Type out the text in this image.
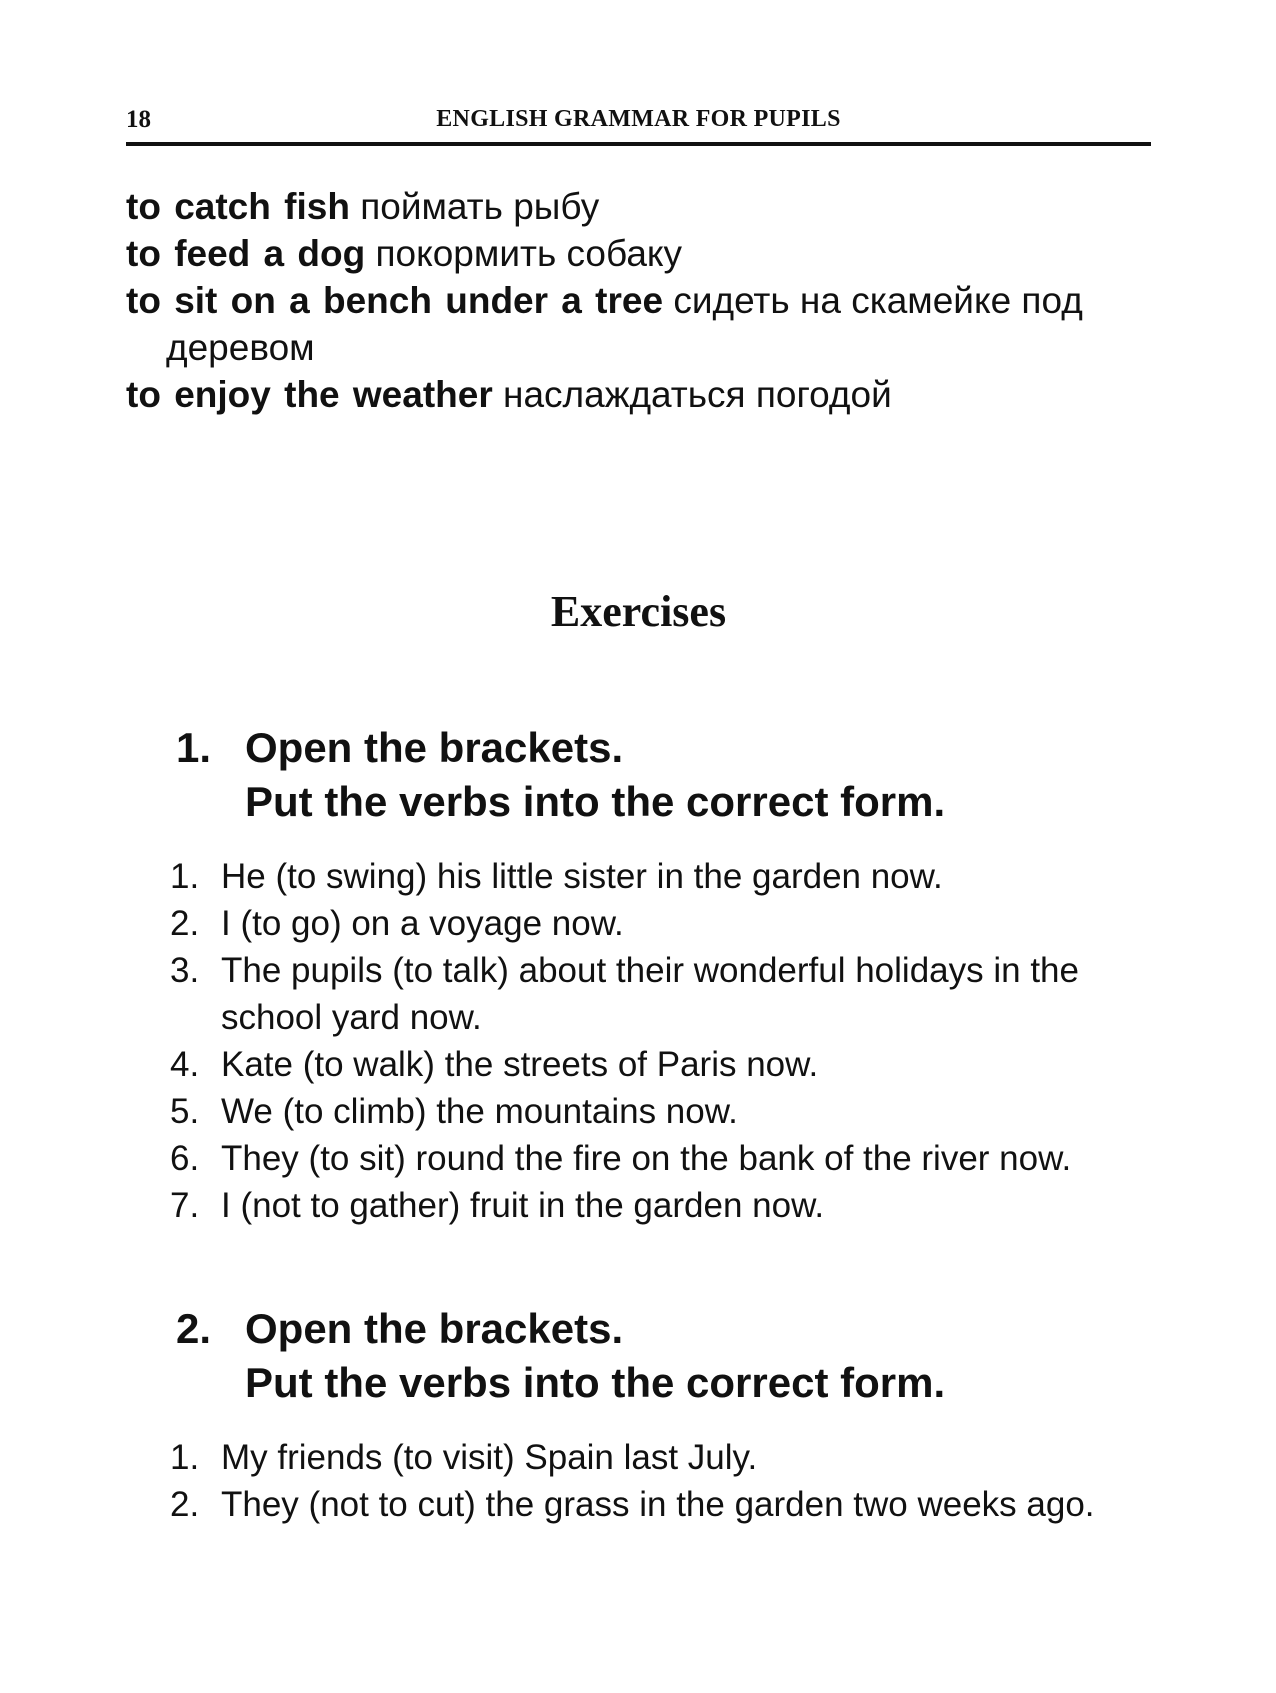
18	ENGLISH GRAMMAR FOR PUPILS
to catch fish поймать рыбу
to feed a dog покормить собаку
to sit on a bench under a tree сидеть на скамейке под деревом
to enjoy the weather наслаждаться погодой
Exercises
1. Open the brackets.
Put the verbs into the correct form.
1. He (to swing) his little sister in the garden now.
2. I (to go) on a voyage now.
3. The pupils (to talk) about their wonderful holidays in the school yard now.
4. Kate (to walk) the streets of Paris now.
5. We (to climb) the mountains now.
6. They (to sit) round the fire on the bank of the river now.
7. I (not to gather) fruit in the garden now.
2. Open the brackets.
Put the verbs into the correct form.
1. My friends (to visit) Spain last July.
2. They (not to cut) the grass in the garden two weeks ago.
